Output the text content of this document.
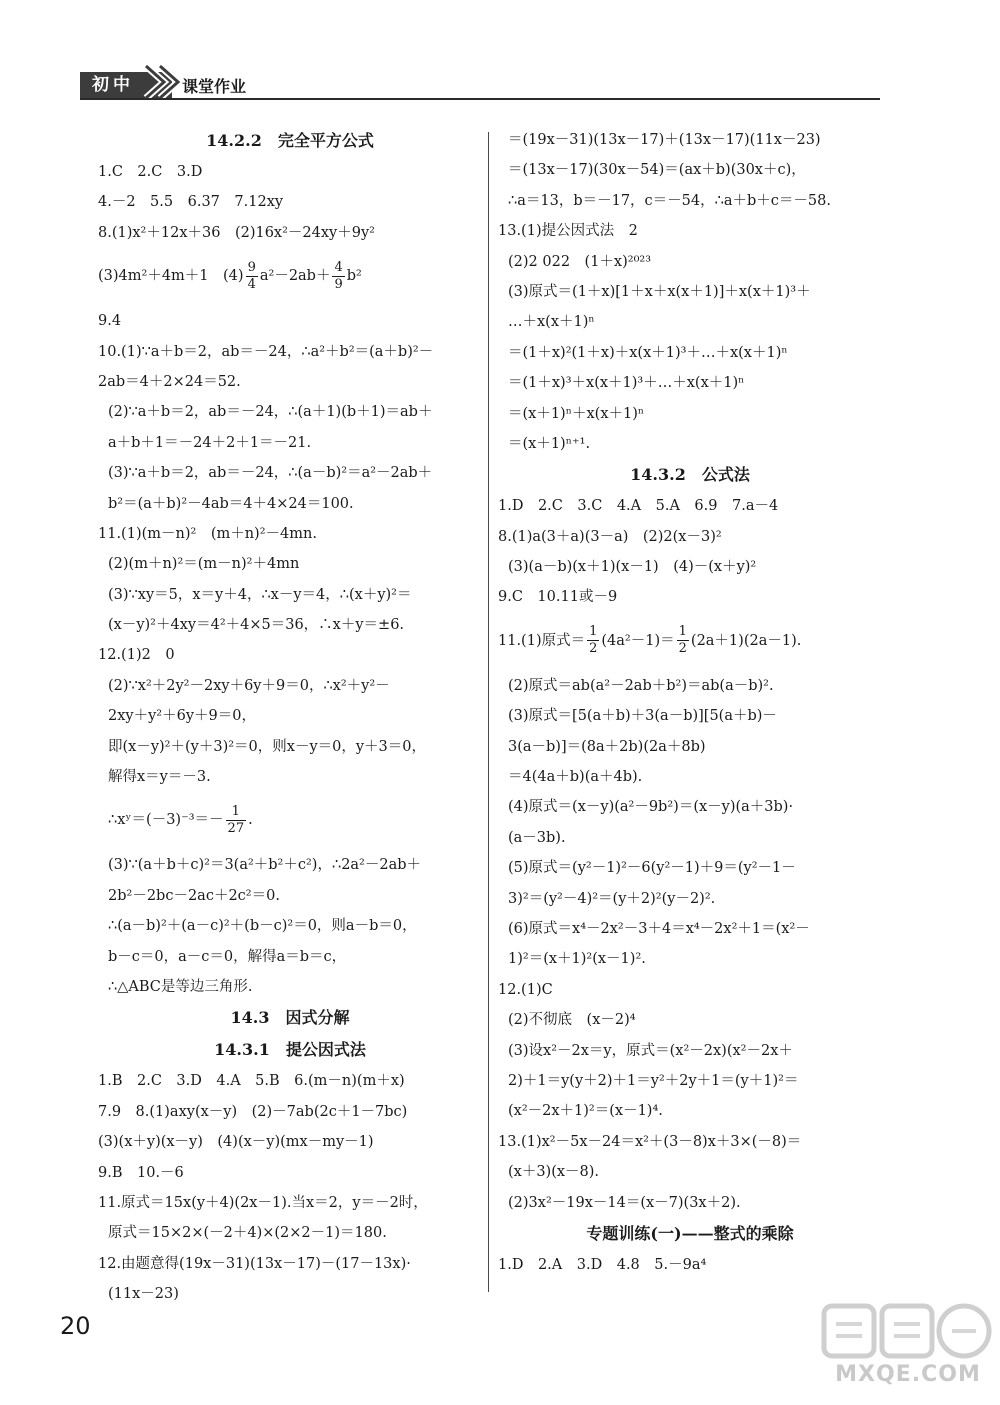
初中	课堂作业
14.2.2　完全平方公式
1.C　2.C　3.D
4.－2　5.5　6.37　7.12xy
8.(1)x²＋12x＋36　(2)16x²－24xy＋9y²
(3)4m²＋4m＋1　$(4) \frac{9}{4} a^2-2ab+ \frac{4}{9} b^2$
9.4
10.(1)∵a＋b＝2，ab＝－24，∴a²＋b²＝(a＋b)²－
2ab＝4＋2×24＝52.
(2)∵a＋b＝2，ab＝－24，∴(a＋1)(b＋1)＝ab＋
a＋b＋1＝－24＋2＋1＝－21.
(3)∵a＋b＝2，ab＝－24，∴(a－b)²＝a²－2ab＋
b²＝(a＋b)²－4ab＝4＋4×24＝100.
11.(1)(m－n)²　(m＋n)²－4mn.
(2)(m＋n)²＝(m－n)²＋4mn
(3)∵xy＝5，x＝y＋4，∴x－y＝4，∴(x＋y)²＝
(x－y)²＋4xy＝4²＋4×5＝36，∴x＋y＝±6.
12.(1)2　0
(2)∵x²＋2y²－2xy＋6y＋9＝0，∴x²＋y²－
2xy＋y²＋6y＋9＝0，
即(x－y)²＋(y＋3)²＝0，则x－y＝0，y＋3＝0，
解得x＝y＝－3.
∴xʸ＝(－3)⁻³＝－ $\frac{1}{27}$ .
(3)∵(a＋b＋c)²＝3(a²＋b²＋c²)，∴2a²－2ab＋
2b²－2bc－2ac＋2c²＝0.
∴(a－b)²＋(a－c)²＋(b－c)²＝0，则a－b＝0，
b－c＝0，a－c＝0，解得a＝b＝c，
∴△ABC是等边三角形.
14.3　因式分解
14.3.1　提公因式法
1.B　2.C　3.D　4.A　5.B　6.(m－n)(m＋x)
7.9　8.(1)axy(x－y)　(2)－7ab(2c＋1－7bc)
(3)(x＋y)(x－y)　(4)(x－y)(mx－my－1)
9.B　10.－6
11.原式＝15x(y＋4)(2x－1).当x＝2，y＝－2时，
原式＝15×2×(－2＋4)×(2×2－1)＝180.
12.由题意得(19x－31)(13x－17)－(17－13x)·
(11x－23)
＝(19x－31)(13x－17)＋(13x－17)(11x－23)
＝(13x－17)(30x－54)＝(ax＋b)(30x＋c)，
∴a＝13，b＝－17，c＝－54，∴a＋b＋c＝－58.
13.(1)提公因式法　2
(2)2 022　(1＋x)²⁰²³
(3)原式＝(1＋x)[1＋x＋x(x＋1)]＋x(x＋1)³＋
…＋x(x＋1)ⁿ
＝(1＋x)²(1＋x)＋x(x＋1)³＋…＋x(x＋1)ⁿ
＝(1＋x)³＋x(x＋1)³＋…＋x(x＋1)ⁿ
＝(x＋1)ⁿ＋x(x＋1)ⁿ
＝(x＋1)ⁿ⁺¹.
14.3.2　公式法
1.D　2.C　3.C　4.A　5.A　6.9　7.a－4
8.(1)a(3＋a)(3－a)　(2)2(x－3)²
(3)(a－b)(x＋1)(x－1)　(4)－(x＋y)²
9.C　10.11或－9
11.(1)原式＝ $\frac{1}{2} (4a^2-1)= \frac{1}{2} (2a+1)(2a-1)$.
(2)原式＝ab(a²－2ab＋b²)＝ab(a－b)².
(3)原式＝[5(a＋b)＋3(a－b)][5(a＋b)－
3(a－b)]＝(8a＋2b)(2a＋8b)
＝4(4a＋b)(a＋4b).
(4)原式＝(x－y)(a²－9b²)＝(x－y)(a＋3b)·
(a－3b).
(5)原式＝(y²－1)²－6(y²－1)＋9＝(y²－1－
3)²＝(y²－4)²＝(y＋2)²(y－2)².
(6)原式＝x⁴－2x²－3＋4＝x⁴－2x²＋1＝(x²－
1)²＝(x＋1)²(x－1)².
12.(1)C
(2)不彻底　(x－2)⁴
(3)设x²－2x＝y，原式＝(x²－2x)(x²－2x＋
2)＋1＝y(y＋2)＋1＝y²＋2y＋1＝(y＋1)²＝
(x²－2x＋1)²＝(x－1)⁴.
13.(1)x²－5x－24＝x²＋(3－8)x＋3×(－8)＝
(x＋3)(x－8).
(2)3x²－19x－14＝(x－7)(3x＋2).
专题训练(一)——整式的乘除
1.D　2.A　3.D　4.8　5.－9a⁴
20
MXQE.COM
